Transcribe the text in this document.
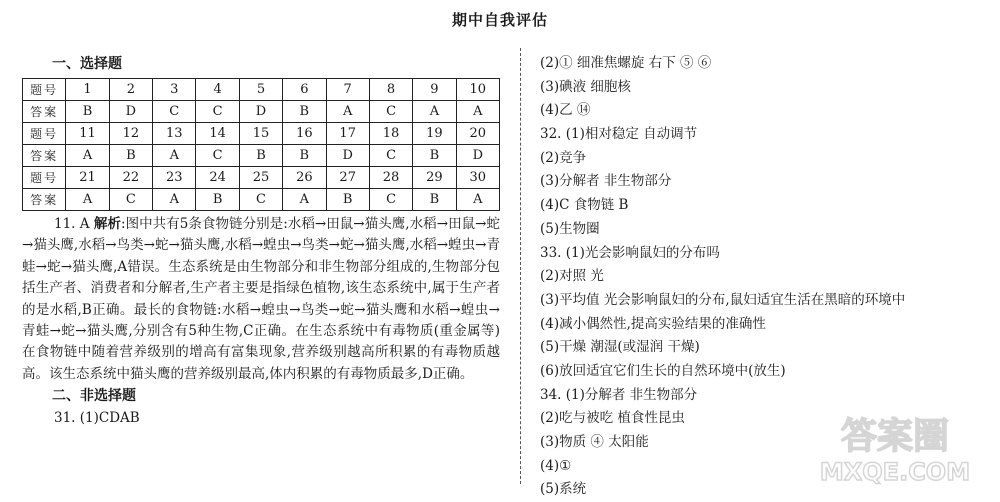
期中自我评估
一、选择题
题号	1	2	3	4	5	6	7	8	9	10
答案	B	D	C	C	D	B	A	C	A	A
题号	11	12	13	14	15	16	17	18	19	20
答案	A	B	A	C	B	B	D	C	B	D
题号	21	22	23	24	25	26	27	28	29	30
答案	A	C	A	B	C	A	B	C	B	A
11. A 解析:图中共有5条食物链分别是:水稻→田鼠→猫头鹰,水稻→田鼠→蛇→猫头鹰,水稻→鸟类→蛇→猫头鹰,水稻→蝗虫→鸟类→蛇→猫头鹰,水稻→蝗虫→青蛙→蛇→猫头鹰,A错误。生态系统是由生物部分和非生物部分组成的,生物部分包括生产者、消费者和分解者,生产者主要是指绿色植物,该生态系统中,属于生产者的是水稻,B正确。最长的食物链:水稻→蝗虫→鸟类→蛇→猫头鹰和水稻→蝗虫→青蛙→蛇→猫头鹰,分别含有5种生物,C正确。在生态系统中有毒物质(重金属等)在食物链中随着营养级别的增高有富集现象,营养级别越高所积累的有毒物质越高。该生态系统中猫头鹰的营养级别最高,体内积累的有毒物质最多,D正确。
二、非选择题
31. (1)CDAB
(2)① 细准焦螺旋 右下 ⑤ ⑥
(3)碘液 细胞核
(4)乙 ⑭
32. (1)相对稳定 自动调节
(2)竞争
(3)分解者 非生物部分
(4)C 食物链 B
(5)生物圈
33. (1)光会影响鼠妇的分布吗
(2)对照 光
(3)平均值 光会影响鼠妇的分布,鼠妇适宜生活在黑暗的环境中
(4)减小偶然性,提高实验结果的准确性
(5)干燥 潮湿(或湿润 干燥)
(6)放回适宜它们生长的自然环境中(放生)
34. (1)分解者 非生物部分
(2)吃与被吃 植食性昆虫
(3)物质 ④ 太阳能
(4)①
(5)系统
答案圈
MXQE.COM
